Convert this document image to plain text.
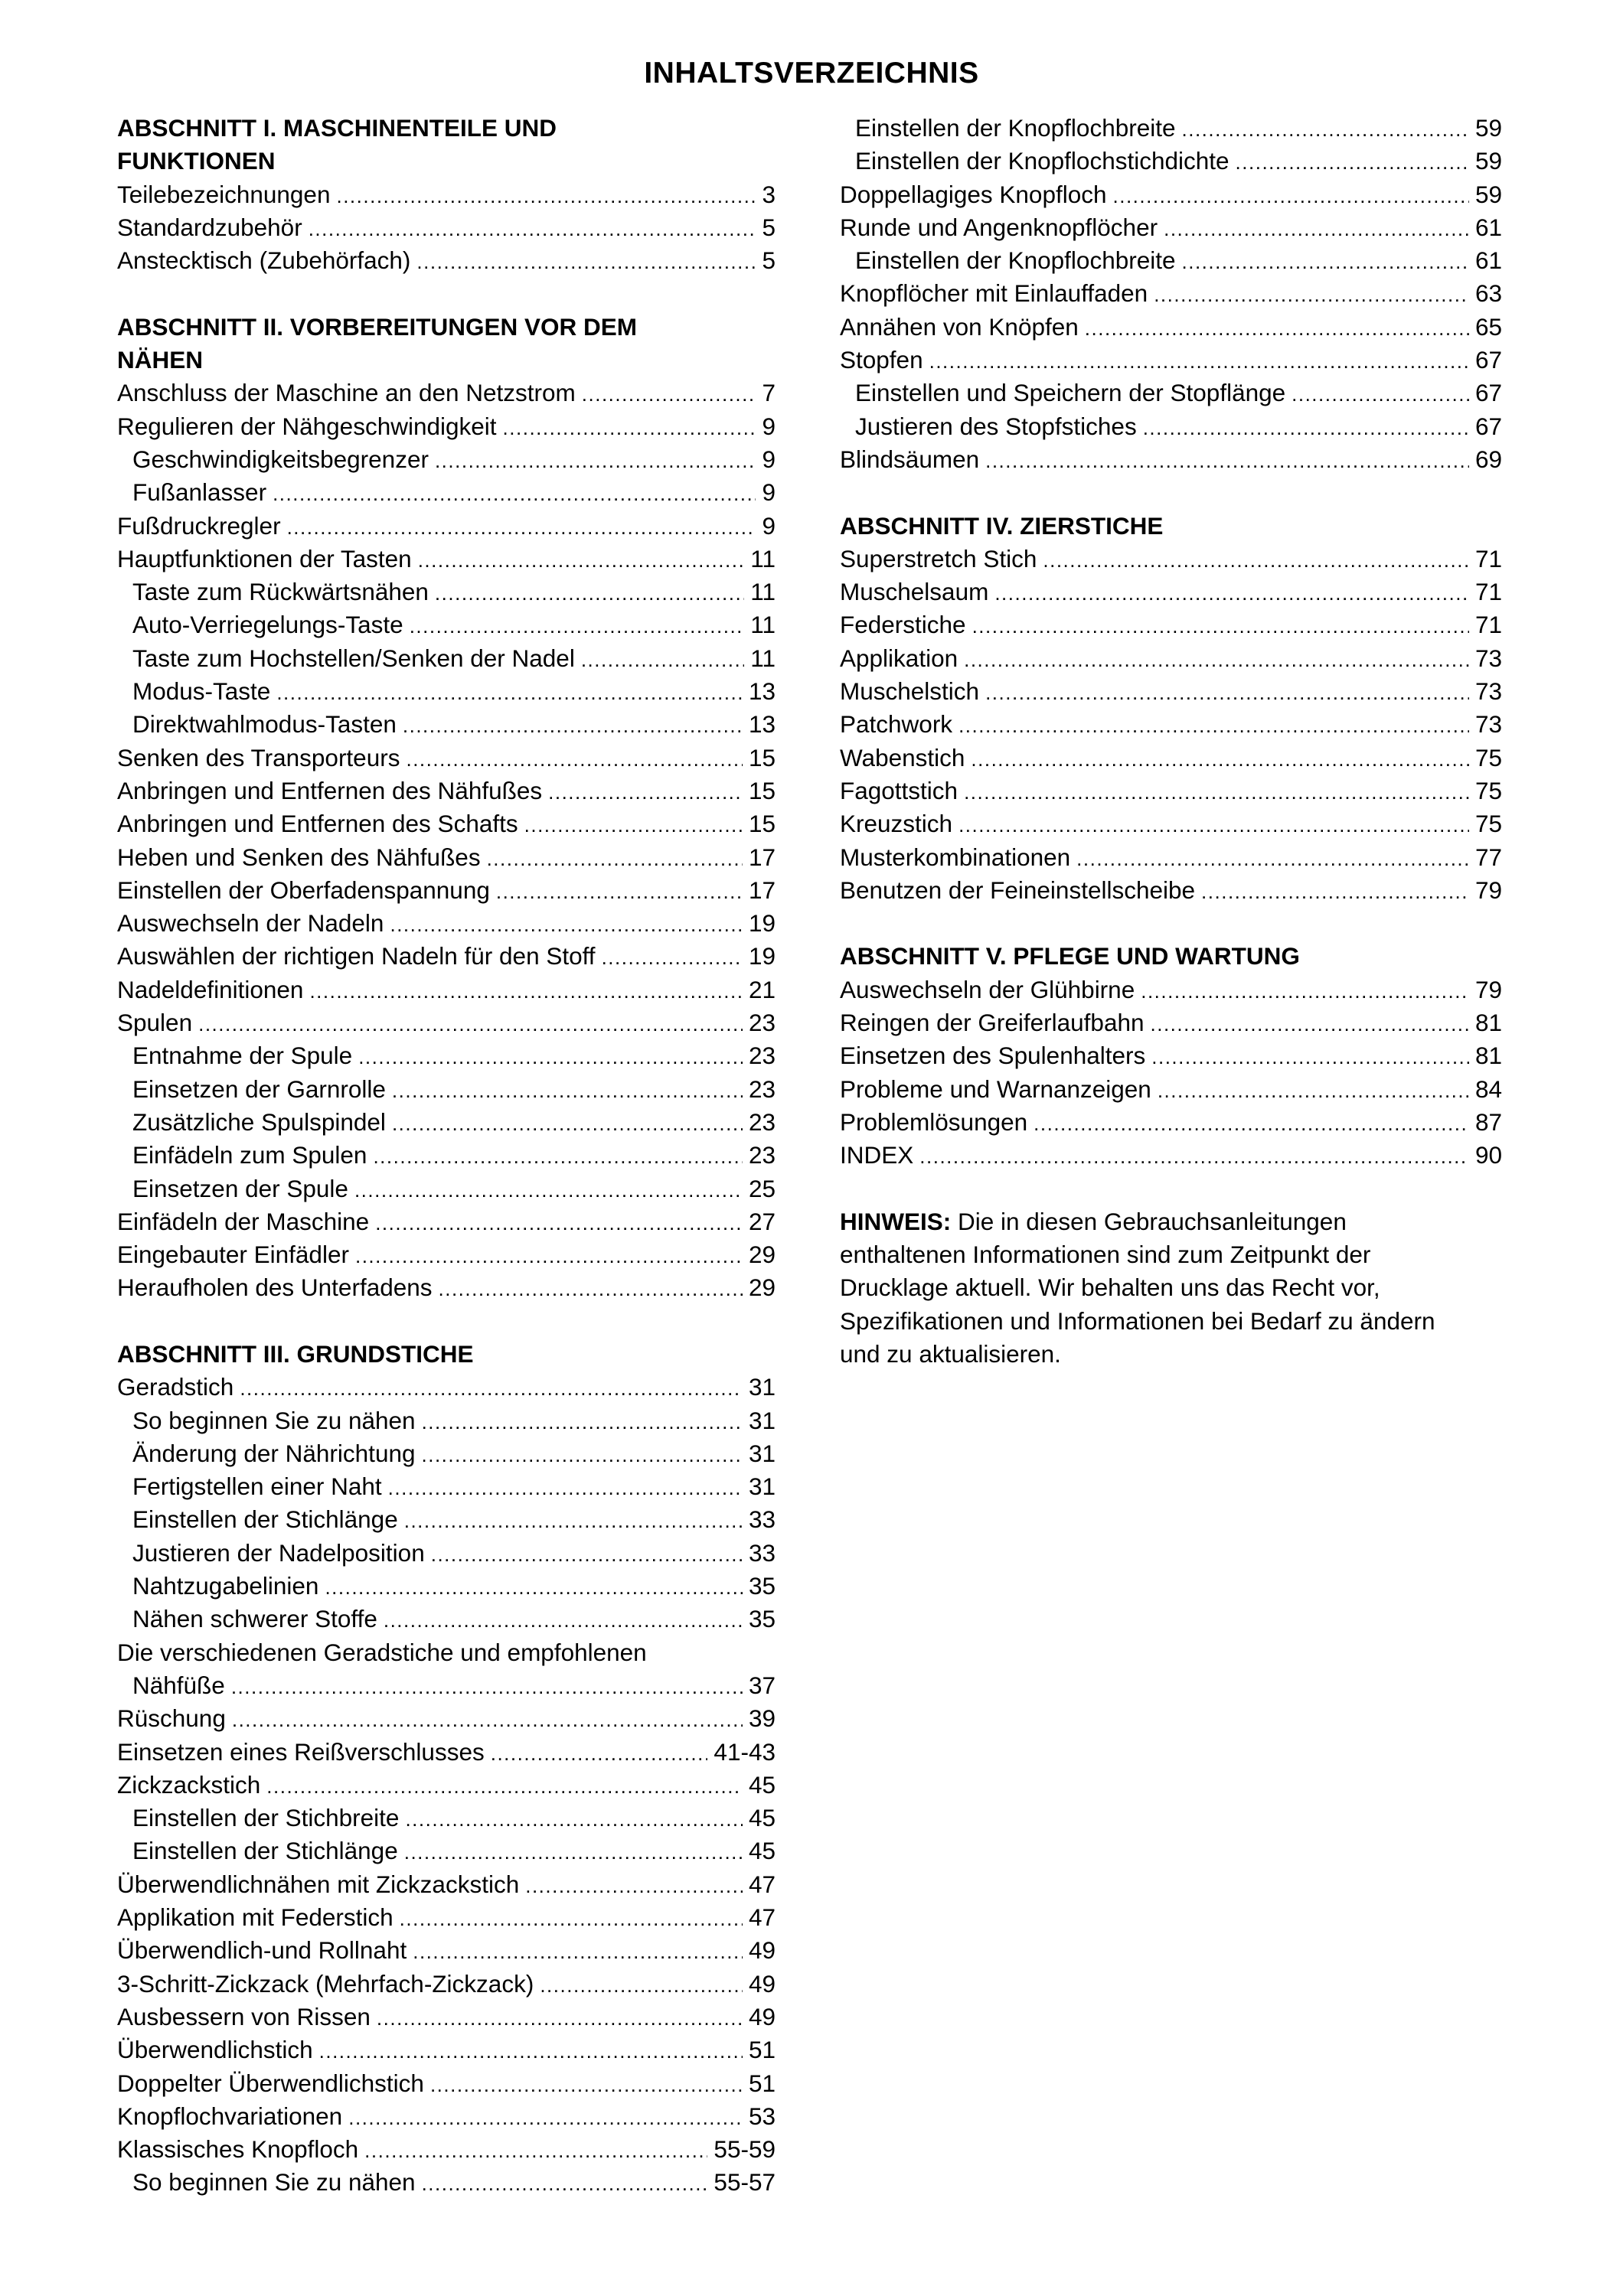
INHALTSVERZEICHNIS
ABSCHNITT I. MASCHINENTEILE UND
FUNKTIONEN
Teilebezeichnungen .....	3
Standardzubehör .....	5
Anstecktisch (Zubehörfach) .....	5
ABSCHNITT II. VORBEREITUNGEN VOR DEM
NÄHEN
Anschluss der Maschine an den Netzstrom .....	7
Regulieren der Nähgeschwindigkeit .....	9
Geschwindigkeitsbegrenzer .....	9
Fußanlasser .....	9
Fußdruckregler .....	9
Hauptfunktionen der Tasten .....	11
Taste zum Rückwärtsnähen .....	11
Auto-Verriegelungs-Taste .....	11
Taste zum Hochstellen/Senken der Nadel .....	11
Modus-Taste .....	13
Direktwahlmodus-Tasten .....	13
Senken des Transporteurs .....	15
Anbringen und Entfernen des Nähfußes .....	15
Anbringen und Entfernen des Schafts .....	15
Heben und Senken des Nähfußes .....	17
Einstellen der Oberfadenspannung .....	17
Auswechseln der Nadeln .....	19
Auswählen der richtigen Nadeln für den Stoff .....	19
Nadeldefinitionen .....	21
Spulen .....	23
Entnahme der Spule .....	23
Einsetzen der Garnrolle .....	23
Zusätzliche Spulspindel .....	23
Einfädeln zum Spulen .....	23
Einsetzen der Spule .....	25
Einfädeln der Maschine .....	27
Eingebauter Einfädler .....	29
Heraufholen des Unterfadens .....	29
ABSCHNITT III. GRUNDSTICHE
Geradstich .....	31
So beginnen Sie zu nähen .....	31
Änderung der Nährichtung .....	31
Fertigstellen einer Naht .....	31
Einstellen der Stichlänge .....	33
Justieren der Nadelposition .....	33
Nahtzugabelinien .....	35
Nähen schwerer Stoffe .....	35
Die verschiedenen Geradstiche und empfohlenen
Nähfüße .....	37
Rüschung .....	39
Einsetzen eines Reißverschlusses .....	41-43
Zickzackstich .....	45
Einstellen der Stichbreite .....	45
Einstellen der Stichlänge .....	45
Überwendlichnähen mit Zickzackstich .....	47
Applikation mit Federstich .....	47
Überwendlich-und Rollnaht .....	49
3-Schritt-Zickzack (Mehrfach-Zickzack) .....	49
Ausbessern von Rissen .....	49
Überwendlichstich .....	51
Doppelter Überwendlichstich .....	51
Knopflochvariationen .....	53
Klassisches Knopfloch .....	55-59
So beginnen Sie zu nähen .....	55-57
Einstellen der Knopflochbreite .....	59
Einstellen der Knopflochstichdichte .....	59
Doppellagiges Knopfloch .....	59
Runde und Angenknopflöcher .....	61
Einstellen der Knopflochbreite .....	61
Knopflöcher mit Einlauffaden .....	63
Annähen von Knöpfen .....	65
Stopfen .....	67
Einstellen und Speichern der Stopflänge .....	67
Justieren des Stopfstiches .....	67
Blindsäumen .....	69
ABSCHNITT IV. ZIERSTICHE
Superstretch Stich .....	71
Muschelsaum .....	71
Federstiche .....	71
Applikation .....	73
Muschelstich .....	73
Patchwork .....	73
Wabenstich .....	75
Fagottstich .....	75
Kreuzstich .....	75
Musterkombinationen .....	77
Benutzen der Feineinstellscheibe .....	79
ABSCHNITT V. PFLEGE UND WARTUNG
Auswechseln der Glühbirne .....	79
Reingen der Greiferlaufbahn .....	81
Einsetzen des Spulenhalters .....	81
Probleme und Warnanzeigen .....	84
Problemlösungen .....	87
INDEX .....	90
HINWEIS: Die in diesen Gebrauchsanleitungen
enthaltenen Informationen sind zum Zeitpunkt der
Drucklage aktuell. Wir behalten uns das Recht vor,
Spezifikationen und Informationen bei Bedarf zu ändern
und zu aktualisieren.
